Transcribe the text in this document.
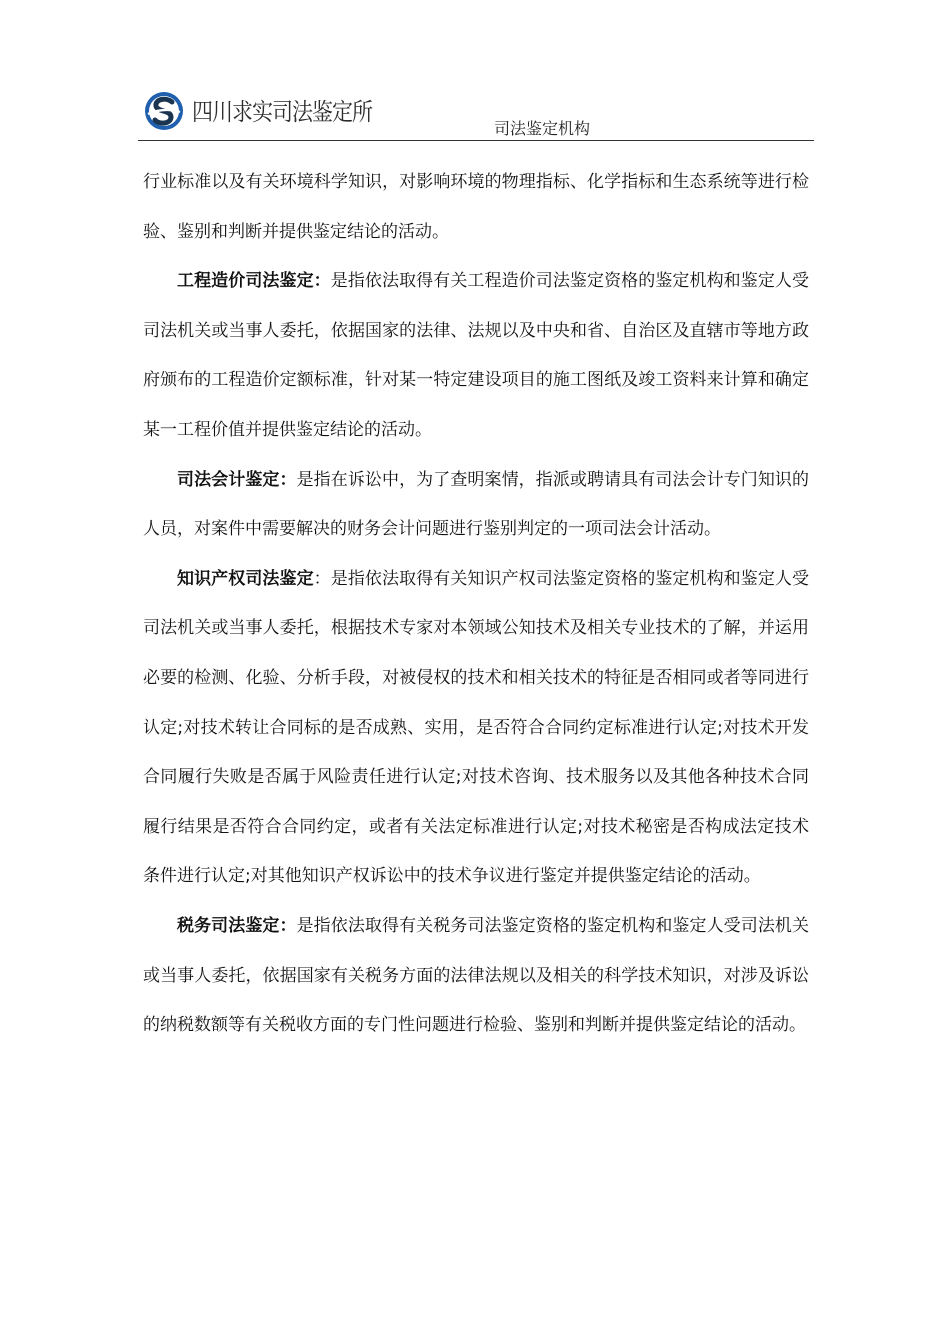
四川求实司法鉴定所
司法鉴定机构

行业标准以及有关环境科学知识，对影响环境的物理指标、化学指标和生态系统等进行检验、鉴别和判断并提供鉴定结论的活动。

工程造价司法鉴定：是指依法取得有关工程造价司法鉴定资格的鉴定机构和鉴定人受司法机关或当事人委托，依据国家的法律、法规以及中央和省、自治区及直辖市等地方政府颁布的工程造价定额标准，针对某一特定建设项目的施工图纸及竣工资料来计算和确定某一工程价值并提供鉴定结论的活动。

司法会计鉴定：是指在诉讼中，为了查明案情，指派或聘请具有司法会计专门知识的人员，对案件中需要解决的财务会计问题进行鉴别判定的一项司法会计活动。

知识产权司法鉴定：是指依法取得有关知识产权司法鉴定资格的鉴定机构和鉴定人受司法机关或当事人委托，根据技术专家对本领域公知技术及相关专业技术的了解，并运用必要的检测、化验、分析手段，对被侵权的技术和相关技术的特征是否相同或者等同进行认定;对技术转让合同标的是否成熟、实用，是否符合合同约定标准进行认定;对技术开发合同履行失败是否属于风险责任进行认定;对技术咨询、技术服务以及其他各种技术合同履行结果是否符合合同约定，或者有关法定标准进行认定;对技术秘密是否构成法定技术条件进行认定;对其他知识产权诉讼中的技术争议进行鉴定并提供鉴定结论的活动。

税务司法鉴定：是指依法取得有关税务司法鉴定资格的鉴定机构和鉴定人受司法机关或当事人委托，依据国家有关税务方面的法律法规以及相关的科学技术知识，对涉及诉讼的纳税数额等有关税收方面的专门性问题进行检验、鉴别和判断并提供鉴定结论的活动。
